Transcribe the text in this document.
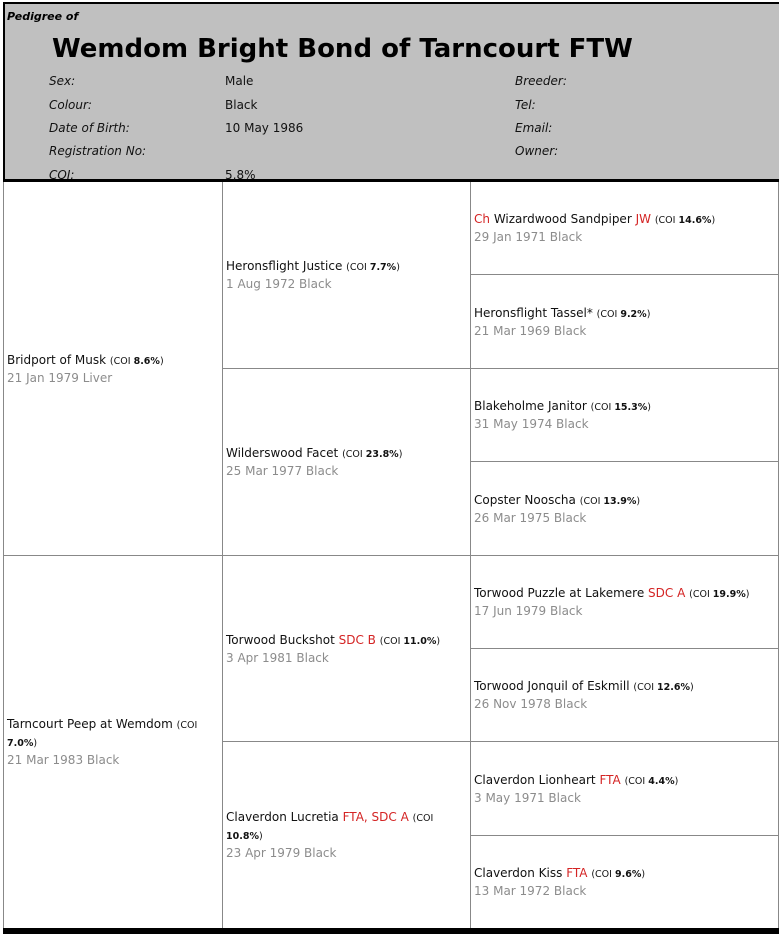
Pedigree of
Wemdom Bright Bond of Tarncourt FTW
Sex:	Male
Colour:	Black
Date of Birth:	10 May 1986
Registration No:
COI:	5,8%
Breeder:
Tel:
Email:
Owner:
Bridport of Musk (COI 8.6%)
21 Jan 1979 Liver
Tarncourt Peep at Wemdom (COI 7.0%)
21 Mar 1983 Black
Heronsflight Justice (COI 7.7%)
1 Aug 1972 Black
Wilderswood Facet (COI 23.8%)
25 Mar 1977 Black
Torwood Buckshot SDC B (COI 11.0%)
3 Apr 1981 Black
Claverdon Lucretia FTA, SDC A (COI 10.8%)
23 Apr 1979 Black
Ch Wizardwood Sandpiper JW (COI 14.6%)
29 Jan 1971 Black
Heronsflight Tassel* (COI 9.2%)
21 Mar 1969 Black
Blakeholme Janitor (COI 15.3%)
31 May 1974 Black
Copster Nooscha (COI 13.9%)
26 Mar 1975 Black
Torwood Puzzle at Lakemere SDC A (COI 19.9%)
17 Jun 1979 Black
Torwood Jonquil of Eskmill (COI 12.6%)
26 Nov 1978 Black
Claverdon Lionheart FTA (COI 4.4%)
3 May 1971 Black
Claverdon Kiss FTA (COI 9.6%)
13 Mar 1972 Black
